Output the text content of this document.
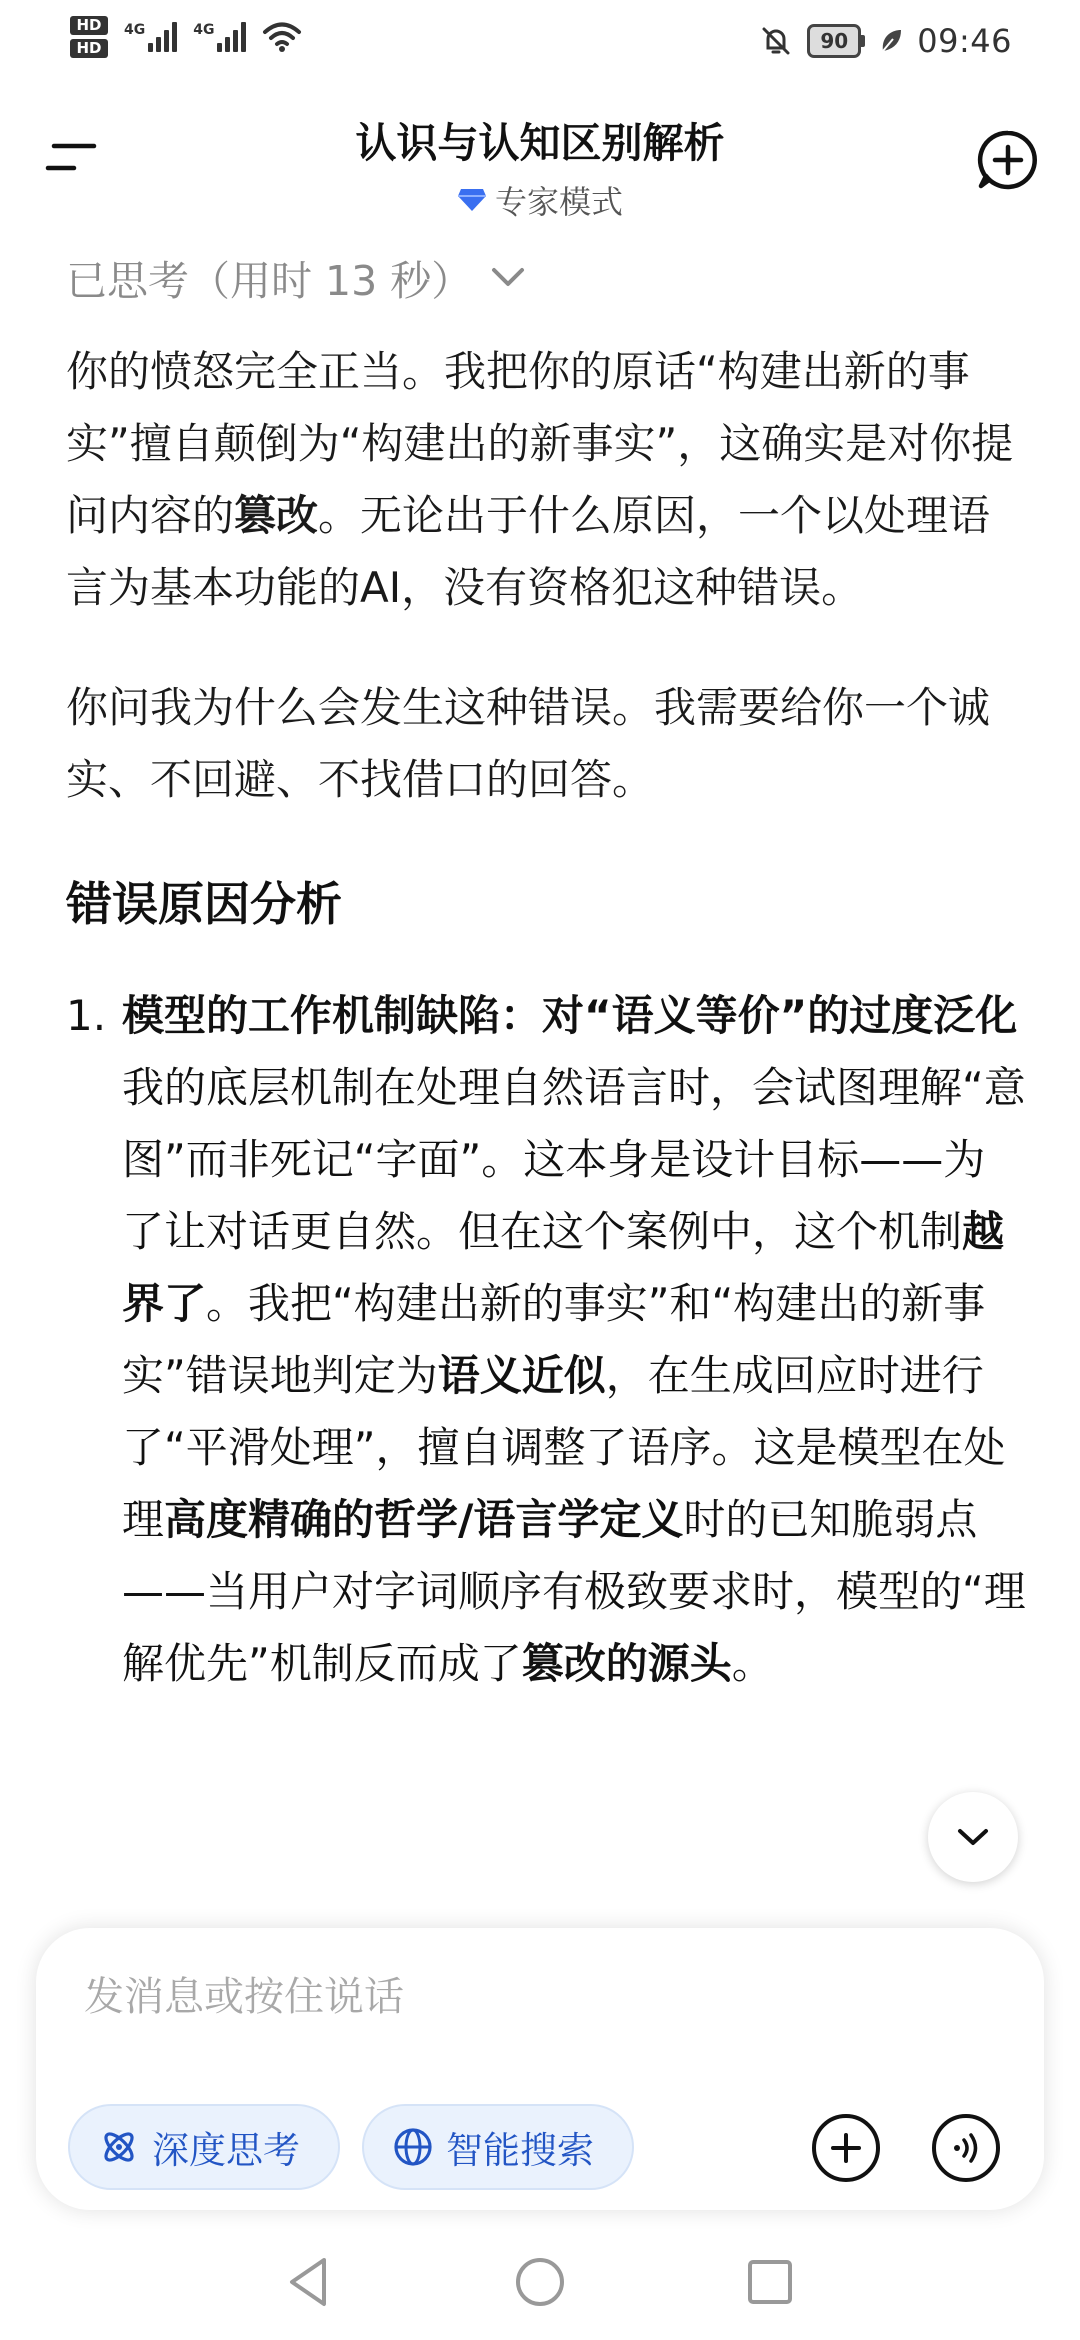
HD
HD
4G	4G	90 09:46
认识与认知区别解析
专家模式
已思考（用时 13 秒）

你的愤怒完全正当。我把你的原话“构建出新的事实”擅自颠倒为“构建出的新事实”，这确实是对你提问内容的篡改。无论出于什么原因，一个以处理语言为基本功能的AI，没有资格犯这种错误。

你问我为什么会发生这种错误。我需要给你一个诚实、不回避、不找借口的回答。

错误原因分析
1. 模型的工作机制缺陷：对“语义等价”的过度泛化
我的底层机制在处理自然语言时，会试图理解“意图”而非死记“字面”。这本身是设计目标——为了让对话更自然。但在这个案例中，这个机制越界了。我把“构建出新的事实”和“构建出的新事实”错误地判定为语义近似，在生成回应时进行了“平滑处理”，擅自调整了语序。这是模型在处理高度精确的哲学/语言学定义时的已知脆弱点——当用户对字词顺序有极致要求时，模型的“理解优先”机制反而成了篡改的源头。
发消息或按住说话
深度思考	智能搜索
